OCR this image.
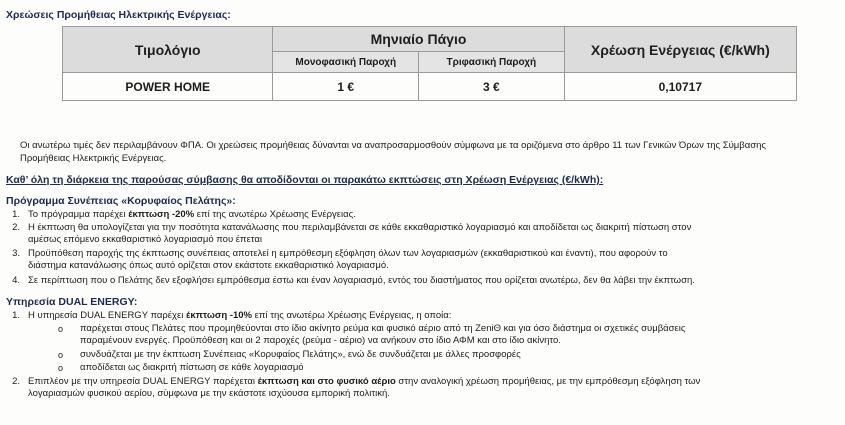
Χρεώσεις Προμήθειας Ηλεκτρικής Ενέργειας:
Τιμολόγιο	Μηνιαίο Πάγιο		Χρέωση Ενέργειας (€/kWh)
	Μονοφασική Παροχή	Τριφασική Παροχή	
POWER HOME	1 €	3 €	0,10717
Οι ανωτέρω τιμές δεν περιλαμβάνουν ΦΠΑ. Οι χρεώσεις προμήθειας δύνανται να αναπροσαρμοσθούν σύμφωνα με τα οριζόμενα στο άρθρο 11 των Γενικών Όρων της Σύμβασης Προμήθειας Ηλεκτρικής Ενέργειας.
Καθ’ όλη τη διάρκεια της παρούσας σύμβασης θα αποδίδονται οι παρακάτω εκπτώσεις στη Χρέωση Ενέργειας (€/kWh):
Πρόγραμμα Συνέπειας «Κορυφαίος Πελάτης»:
1. Το πρόγραμμα παρέχει έκπτωση -20% επί της ανωτέρω Χρέωσης Ενέργειας.
2. Η έκπτωση θα υπολογίζεται για την ποσότητα κατανάλωσης που περιλαμβάνεται σε κάθε εκκαθαριστικό λογαριασμό και αποδίδεται ως διακριτή πίστωση στον
αμέσως επόμενο εκκαθαριστικό λογαριασμό που έπεται
3. Προϋπόθεση παροχής της έκπτωσης συνέπειας αποτελεί η εμπρόθεσμη εξόφληση όλων των λογαριασμών (εκκαθαριστικού και έναντι), που αφορούν το
διάστημα κατανάλωσης όπως αυτό ορίζεται στον εκάστοτε εκκαθαριστικό λογαριασμό.
4. Σε περίπτωση που ο Πελάτης δεν εξοφλήσει εμπρόθεσμα έστω και έναν λογαριασμό, εντός του διαστήματος που ορίζεται ανωτέρω, δεν θα λάβει την έκπτωση.
Υπηρεσία DUAL ENERGY:
1. Η υπηρεσία DUAL ENERGY παρέχει έκπτωση -10% επί της ανωτέρω Χρέωσης Ενέργειας, η οποία:
o παρέχεται στους Πελάτες που προμηθεύονται στο ίδιο ακίνητο ρεύμα και φυσικό αέριο από τη ΖeniΘ και για όσο διάστημα οι σχετικές συμβάσεις
παραμένουν ενεργές. Προϋπόθεση και οι 2 παροχές (ρεύμα - αέριο) να ανήκουν στο ίδιο ΑΦΜ και στο ίδιο ακίνητο.
o συνδυάζεται με την έκπτωση Συνέπειας «Κορυφαίος Πελάτης», ενώ δε συνδυάζεται με άλλες προσφορές
o αποδίδεται ως διακριτή πίστωση σε κάθε λογαριασμό
2. Επιπλέον με την υπηρεσία DUAL ENERGY παρέχεται έκπτωση και στο φυσικό αέριο στην αναλογική χρέωση προμήθειας, με την εμπρόθεσμη εξόφληση των
λογαριασμών φυσικού αερίου, σύμφωνα με την εκάστοτε ισχύουσα εμπορική πολιτική.
